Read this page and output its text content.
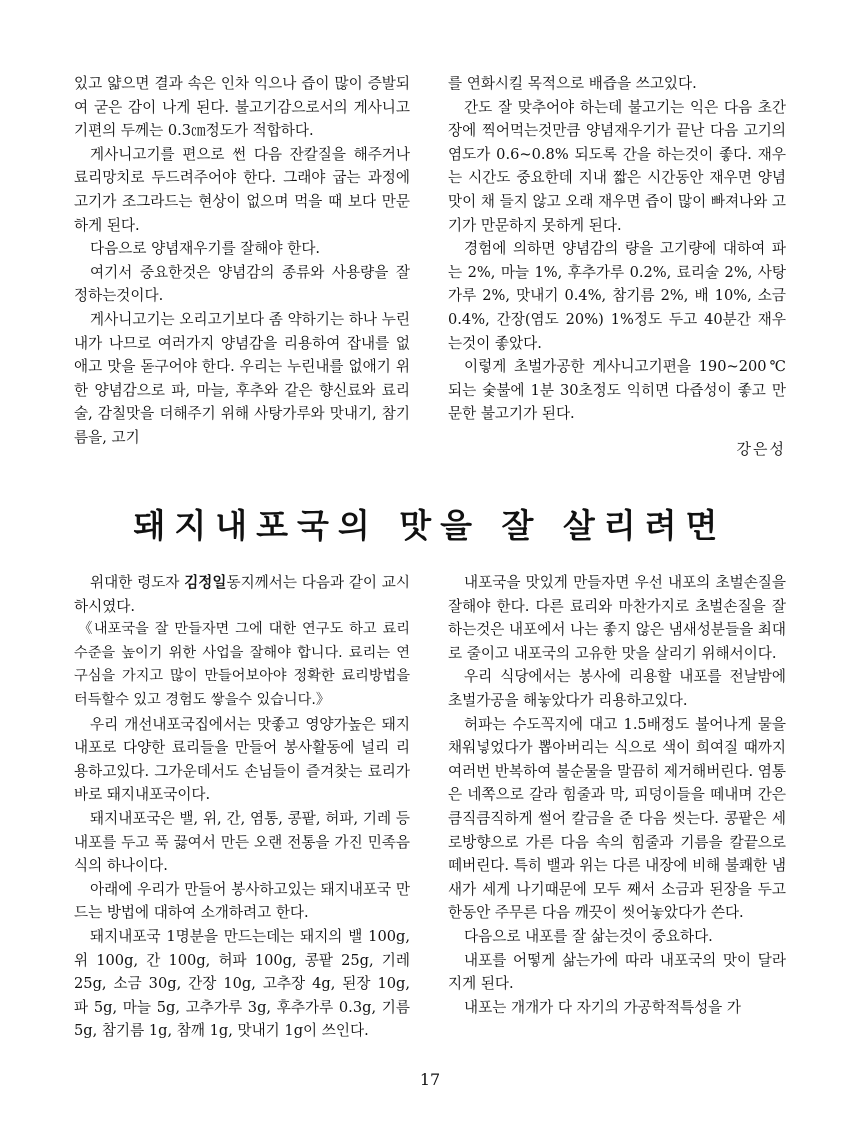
있고 얇으면 결과 속은 인차 익으나 즙이 많이 증발되여 굳은 감이 나게 된다. 불고기감으로서의 게사니고기편의 두께는 0.3㎝정도가 적합하다.

게사니고기를 편으로 썬 다음 잔칼질을 해주거나 료리망치로 두드려주어야 한다. 그래야 굽는 과정에 고기가 조그라드는 현상이 없으며 먹을 때 보다 만문하게 된다.

다음으로 양념재우기를 잘해야 한다.

여기서 중요한것은 양념감의 종류와 사용량을 잘 정하는것이다.

게사니고기는 오리고기보다 좀 약하기는 하나 누린내가 나므로 여러가지 양념감을 리용하여 잡내를 없애고 맛을 돋구어야 한다. 우리는 누린내를 없애기 위한 양념감으로 파, 마늘, 후추와 같은 향신료와 료리술, 감칠맛을 더해주기 위해 사탕가루와 맛내기, 참기름을, 고기

를 연화시킬 목적으로 배즙을 쓰고있다.

간도 잘 맞추어야 하는데 불고기는 익은 다음 초간장에 찍어먹는것만큼 양념재우기가 끝난 다음 고기의 염도가 0.6~0.8% 되도록 간을 하는것이 좋다. 재우는 시간도 중요한데 지내 짧은 시간동안 재우면 양념맛이 채 들지 않고 오래 재우면 즙이 많이 빠져나와 고기가 만문하지 못하게 된다.

경험에 의하면 양념감의 량을 고기량에 대하여 파는 2%, 마늘 1%, 후추가루 0.2%, 료리술 2%, 사탕가루 2%, 맛내기 0.4%, 참기름 2%, 배 10%, 소금 0.4%, 간장(염도 20%) 1%정도 두고 40분간 재우는것이 좋았다.

이렇게 초벌가공한 게사니고기편을 190~200℃ 되는 숯불에 1분 30초정도 익히면 다즙성이 좋고 만문한 불고기가 된다.

강은성
돼지내포국의 맛을 잘 살리려면

위대한 령도자 김정일동지께서는 다음과 같이 교시하시였다.

《내포국을 잘 만들자면 그에 대한 연구도 하고 료리수준을 높이기 위한 사업을 잘해야 합니다. 료리는 연구심을 가지고 많이 만들어보아야 정확한 료리방법을 터득할수 있고 경험도 쌓을수 있습니다.》

우리 개선내포국집에서는 맛좋고 영양가높은 돼지내포로 다양한 료리들을 만들어 봉사활동에 널리 리용하고있다. 그가운데서도 손님들이 즐겨찾는 료리가 바로 돼지내포국이다.

돼지내포국은 밸, 위, 간, 염통, 콩팥, 허파, 기레 등 내포를 두고 푹 끓여서 만든 오랜 전통을 가진 민족음식의 하나이다.

아래에 우리가 만들어 봉사하고있는 돼지내포국 만드는 방법에 대하여 소개하려고 한다.

돼지내포국 1명분을 만드는데는 돼지의 밸 100g, 위 100g, 간 100g, 허파 100g, 콩팥 25g, 기레 25g, 소금 30g, 간장 10g, 고추장 4g, 된장 10g, 파 5g, 마늘 5g, 고추가루 3g, 후추가루 0.3g, 기름 5g, 참기름 1g, 참깨 1g, 맛내기 1g이 쓰인다.

내포국을 맛있게 만들자면 우선 내포의 초벌손질을 잘해야 한다. 다른 료리와 마찬가지로 초벌손질을 잘하는것은 내포에서 나는 좋지 않은 냄새성분들을 최대로 줄이고 내포국의 고유한 맛을 살리기 위해서이다.

우리 식당에서는 봉사에 리용할 내포를 전날밤에 초벌가공을 해놓았다가 리용하고있다.

허파는 수도꼭지에 대고 1.5배정도 불어나게 물을 채워넣었다가 뽑아버리는 식으로 색이 희여질 때까지 여러번 반복하여 불순물을 말끔히 제거해버린다. 염통은 네쪽으로 갈라 힘줄과 막, 피덩이들을 떼내며 간은 큼직큼직하게 썰어 칼금을 준 다음 씻는다. 콩팥은 세로방향으로 가른 다음 속의 힘줄과 기름을 칼끝으로 떼버린다. 특히 밸과 위는 다른 내장에 비해 불쾌한 냄새가 세게 나기때문에 모두 째서 소금과 된장을 두고 한동안 주무른 다음 깨끗이 씻어놓았다가 쓴다.

다음으로 내포를 잘 삶는것이 중요하다.

내포를 어떻게 삶는가에 따라 내포국의 맛이 달라지게 된다.

내포는 개개가 다 자기의 가공학적특성을 가

17
